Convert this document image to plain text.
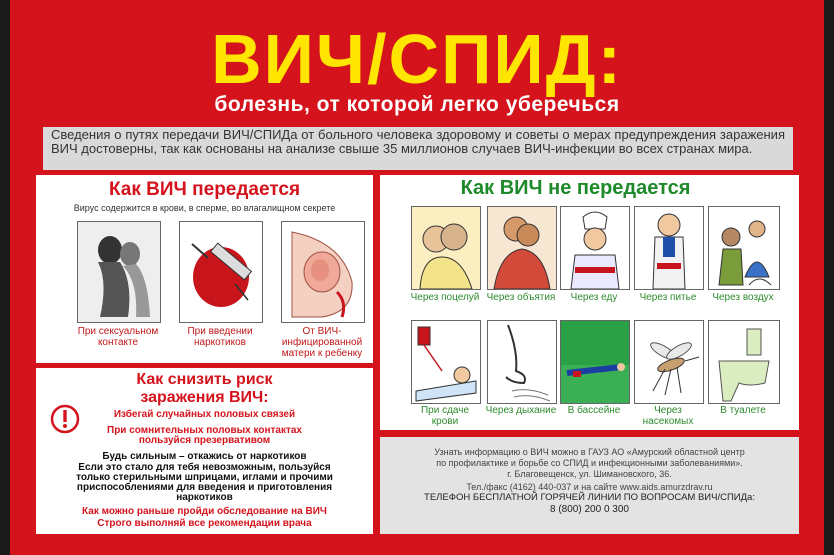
ВИЧ/СПИД:
болезнь, от которой легко уберечься
Сведения о путях передачи ВИЧ/СПИДа от больного человека здоровому и советы о мерах предупреждения заражения ВИЧ достоверны, так как основаны на анализе свыше 35 миллионов случаев ВИЧ-инфекции во всех странах мира.
Как ВИЧ передается
Вирус содержится в крови, в сперме, во влагалищном секрете
При сексуальном контакте
При введении наркотиков
От ВИЧ-инфицированной матери к ребенку
Как ВИЧ не передается
Через поцелуй Через объятия	Через еду	Через питье	Через воздух
При сдаче крови
Через дыхание	В бассейне	Через насекомых
В туалете
Как снизить риск
заражения ВИЧ:
Избегай случайных половых связей
При сомнительных половых контактах
пользуйся презервативом
Будь сильным – откажись от наркотиков
Если это стало для тебя невозможным, пользуйся
только стерильными шприцами, иглами и прочими
приспособлениями для введения и приготовления
наркотиков
Как можно раньше пройди обследование на ВИЧ
Строго выполняй все рекомендации врача
Узнать информацию о ВИЧ можно в ГАУЗ АО «Амурский областной центр
по профилактике и борьбе со СПИД и инфекционными заболеваниями».
г. Благовещенск, ул. Шимановского, 36.
Тел./факс (4162) 440-037 и на сайте www.aids.amurzdrav.ru
ТЕЛЕФОН БЕСПЛАТНОЙ ГОРЯЧЕЙ ЛИНИИ ПО ВОПРОСАМ ВИЧ/СПИДа:
8 (800) 200 0 300
